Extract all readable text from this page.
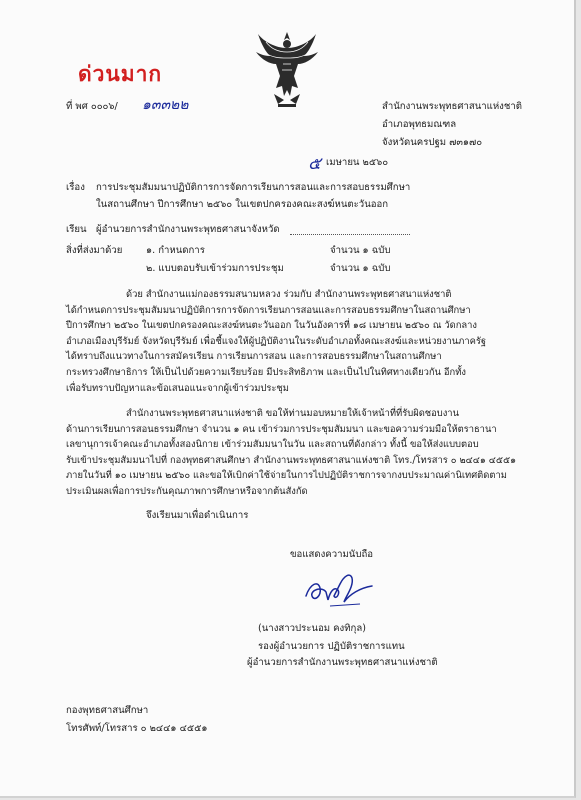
ด่วนมาก
ที่ พศ ๐๐๐๖/ ๑๓๓๒๒	สำนักงานพระพุทธศาสนาแห่งชาติ
อำเภอพุทธมณฑล
จังหวัดนครปฐม ๗๓๑๗๐
๕ เมษายน ๒๕๖๐
เรื่อง การประชุมสัมมนาปฏิบัติการการจัดการเรียนการสอนและการสอบธรรมศึกษา
ในสถานศึกษา ปีการศึกษา ๒๕๖๐ ในเขตปกครองคณะสงฆ์หนตะวันออก
เรียน ผู้อำนวยการสำนักงานพระพุทธศาสนาจังหวัด
สิ่งที่ส่งมาด้วย ๑. กำหนดการ	จำนวน ๑ ฉบับ
๒. แบบตอบรับเข้าร่วมการประชุม	จำนวน ๑ ฉบับ
ด้วย สำนักงานแม่กองธรรมสนามหลวง ร่วมกับ สำนักงานพระพุทธศาสนาแห่งชาติ
ได้กำหนดการประชุมสัมมนาปฏิบัติการการจัดการเรียนการสอนและการสอบธรรมศึกษาในสถานศึกษา
ปีการศึกษา ๒๕๖๐ ในเขตปกครองคณะสงฆ์หนตะวันออก ในวันอังคารที่ ๑๘ เมษายน ๒๕๖๐ ณ วัดกลาง
อำเภอเมืองบุรีรัมย์ จังหวัดบุรีรัมย์ เพื่อชี้แจงให้ผู้ปฏิบัติงานในระดับอำเภอทั้งคณะสงฆ์และหน่วยงานภาครัฐ
ได้ทราบถึงแนวทางในการสมัครเรียน การเรียนการสอน และการสอบธรรมศึกษาในสถานศึกษา
กระทรวงศึกษาธิการ ให้เป็นไปด้วยความเรียบร้อย มีประสิทธิภาพ และเป็นไปในทิศทางเดียวกัน อีกทั้ง
เพื่อรับทราบปัญหาและข้อเสนอแนะจากผู้เข้าร่วมประชุม
สำนักงานพระพุทธศาสนาแห่งชาติ ขอให้ท่านมอบหมายให้เจ้าหน้าที่ที่รับผิดชอบงาน
ด้านการเรียนการสอนธรรมศึกษา จำนวน ๑ คน เข้าร่วมการประชุมสัมมนา และขอความร่วมมือให้ตราธานา
เลขานุการเจ้าคณะอำเภอทั้งสองนิกาย เข้าร่วมสัมมนาในวัน และสถานที่ดังกล่าว ทั้งนี้ ขอให้ส่งแบบตอบ
รับเข้าประชุมสัมมนาไปที่ กองพุทธศาสนศึกษา สำนักงานพระพุทธศาสนาแห่งชาติ โทร./โทรสาร ๐ ๒๔๔๑ ๔๕๕๑
ภายในวันที่ ๑๐ เมษายน ๒๕๖๐ และขอให้เบิกค่าใช้จ่ายในการไปปฏิบัติราชการจากงบประมาณค่านิเทศติดตาม
ประเมินผลเพื่อการประกันคุณภาพการศึกษาหรือจากต้นสังกัด
จึงเรียนมาเพื่อดำเนินการ
ขอแสดงความนับถือ
(นางสาวประนอม คงทิกุล)
รองผู้อำนวยการ ปฏิบัติราชการแทน
ผู้อำนวยการสำนักงานพระพุทธศาสนาแห่งชาติ
กองพุทธศาสนศึกษา
โทรศัพท์/โทรสาร ๐ ๒๔๔๑ ๔๕๕๑
